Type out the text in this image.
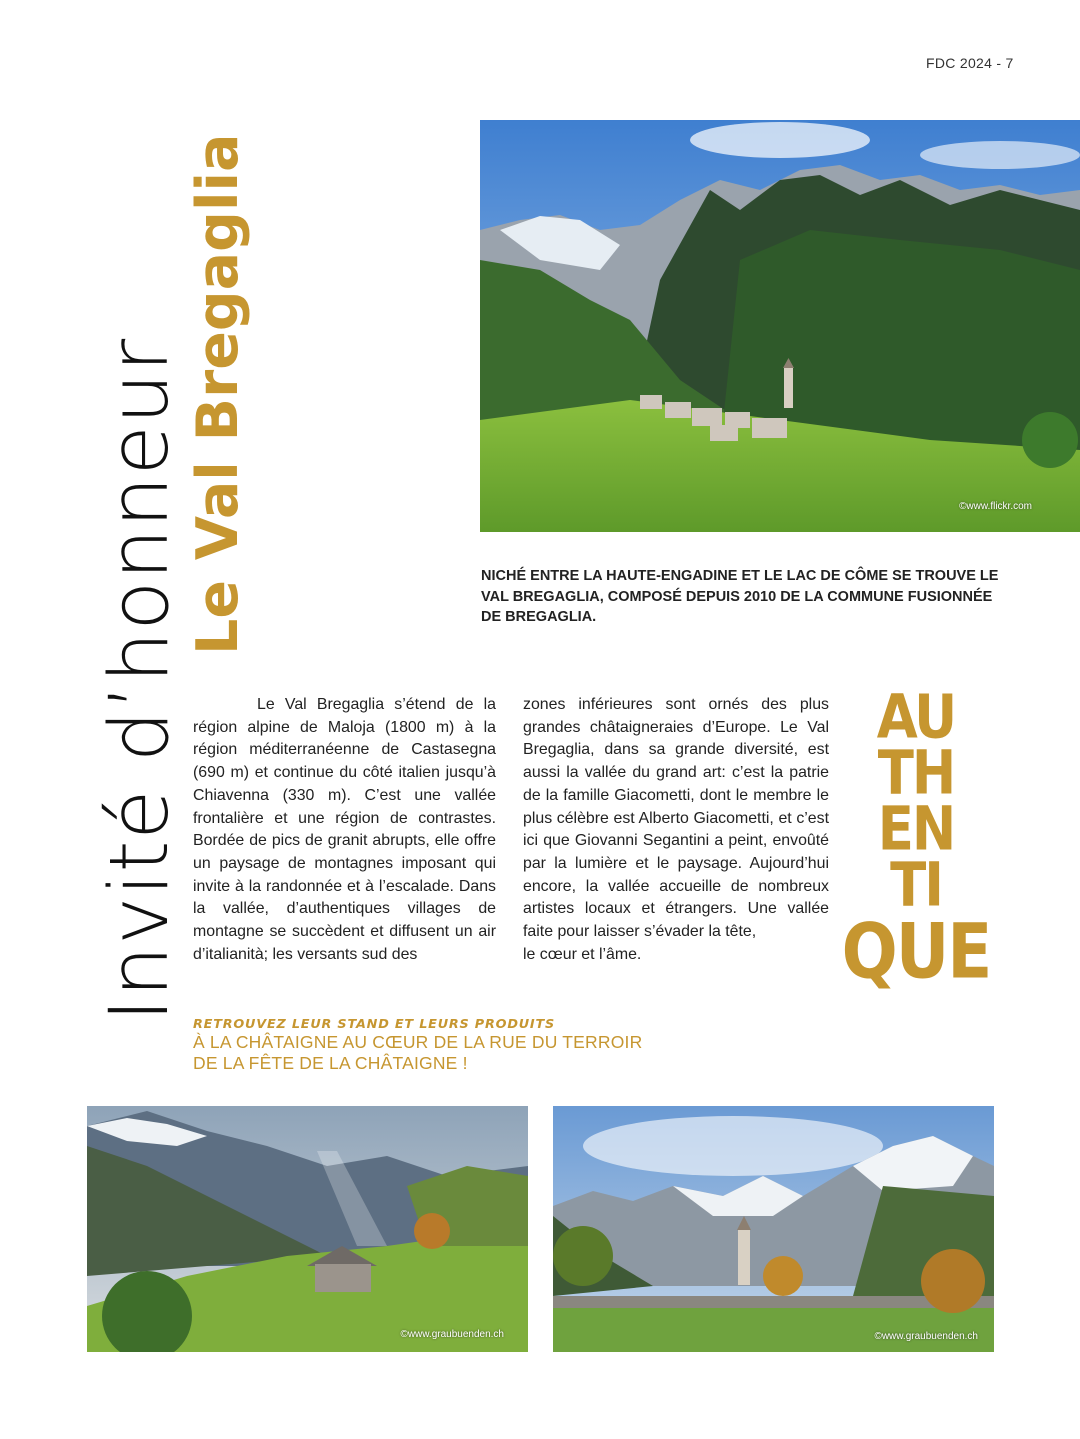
FDC 2024 - 7
Invité d’honneur
Le Val Bregaglia	©www.flickr.com
NICHÉ ENTRE LA HAUTE-ENGADINE ET LE LAC DE CÔME SE TROUVE LE VAL BREGAGLIA, COMPOSÉ DEPUIS 2010 DE LA COMMUNE FUSIONNÉE DE BREGAGLIA.
Le Val Bregaglia s’étend de la région alpine de Maloja (1800 m) à la région méditerranéenne de Castasegna (690 m) et continue du côté italien jusqu’à Chiavenna (330 m). C’est une vallée frontalière et une région de contrastes. Bordée de pics de granit abrupts, elle offre un paysage de montagnes imposant qui invite à la randonnée et à l’escalade. Dans la vallée, d’authentiques villages de montagne se succèdent et diffusent un air d’italianità; les versants sud des

zones inférieures sont ornés des plus grandes châtaigneraies d’Europe. Le Val Bregaglia, dans sa grande diversité, est aussi la vallée du grand art: c’est la patrie de la famille Giacometti, dont le membre le plus célèbre est Alberto Giacometti, et c’est ici que Giovanni Segantini a peint, envoûté par la lumière et le paysage. Aujourd’hui encore, la vallée accueille de nombreux artistes locaux et étrangers. Une vallée faite pour laisser s’évader la tête,

le cœur et l’âme.

AU
TH
EN
TI
QUE
RETROUVEZ LEUR STAND ET LEURS PRODUITS
À LA CHÂTAIGNE AU CŒUR DE LA RUE DU TERROIR
DE LA FÊTE DE LA CHÂTAIGNE !
©www.graubuenden.ch	©www.graubuenden.ch
